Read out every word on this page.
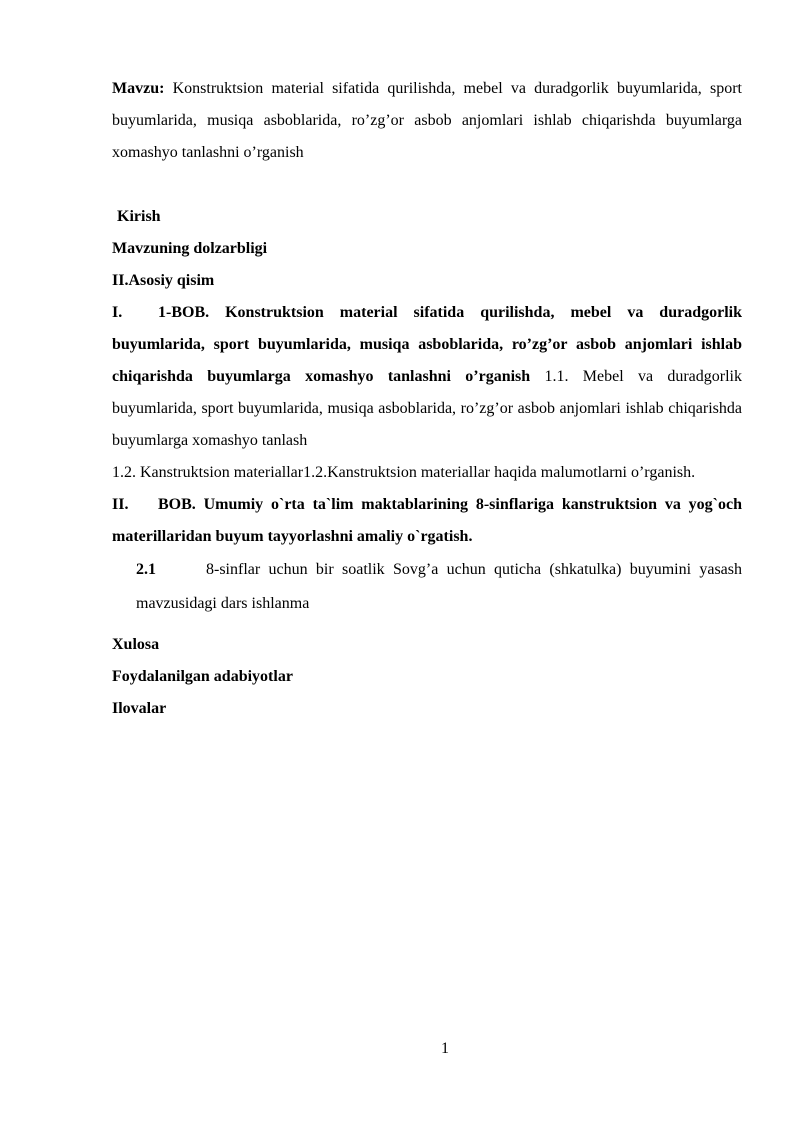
Mavzu: Konstruktsion material sifatida qurilishda, mebel va duradgorlik buyumlarida, sport buyumlarida, musiqa asboblarida, ro’zg’or asbob anjomlari ishlab chiqarishda buyumlarga xomashyo tanlashni o’rganish

Kirish

Mavzuning dolzarbligi

II.Asosiy qisim

I. 1-BOB. Konstruktsion material sifatida qurilishda, mebel va duradgorlik buyumlarida, sport buyumlarida, musiqa asboblarida, ro’zg’or asbob anjomlari ishlab chiqarishda buyumlarga xomashyo tanlashni o’rganish 1.1. Mebel va duradgorlik buyumlarida, sport buyumlarida, musiqa asboblarida, ro’zg’or asbob anjomlari ishlab chiqarishda buyumlarga xomashyo tanlash

1.2. Kanstruktsion materiallar1.2.Kanstruktsion materiallar haqida malumotlarni o’rganish.

II. BOB. Umumiy o`rta ta`lim maktablarining 8-sinflariga kanstruktsion va yog`och materillaridan buyum tayyorlashni amaliy o`rgatish.

2.1	8-sinflar uchun bir soatlik Sovg’a uchun quticha (shkatulka) buyumini yasash mavzusidagi dars ishlanma

Xulosa

Foydalanilgan adabiyotlar

Ilovalar

1
